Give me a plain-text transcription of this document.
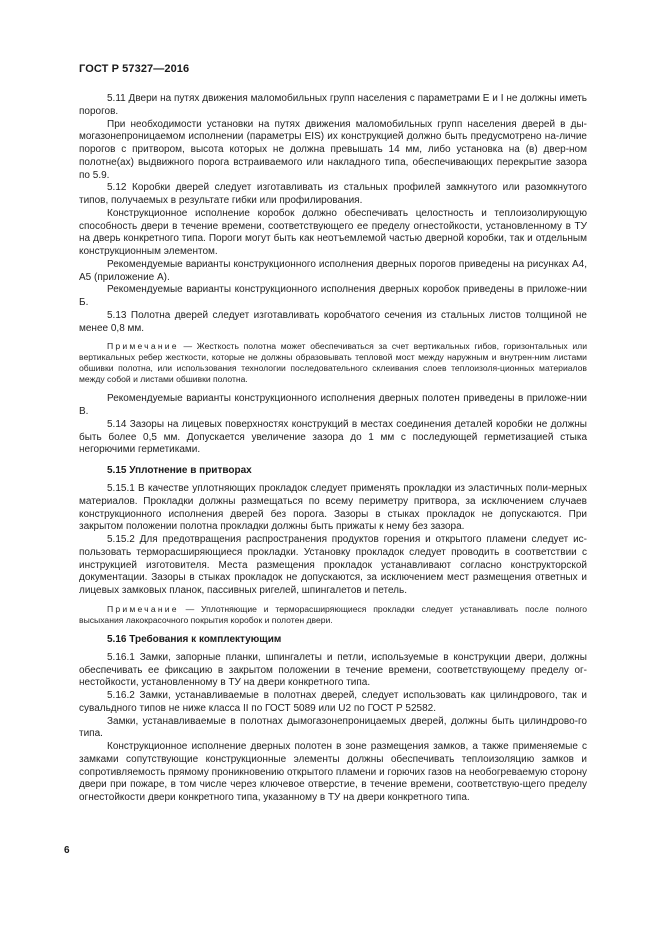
ГОСТ Р 57327—2016

5.11 Двери на путях движения маломобильных групп населения с параметрами Е и I не должны иметь порогов.

При необходимости установки на путях движения маломобильных групп населения дверей в ды-могазонепроницаемом исполнении (параметры EIS) их конструкцией должно быть предусмотрено на-личие порогов с притвором, высота которых не должна превышать 14 мм, либо установка на (в) двер-ном полотне(ах) выдвижного порога встраиваемого или накладного типа, обеспечивающих перекрытие зазора по 5.9.

5.12 Коробки дверей следует изготавливать из стальных профилей замкнутого или разомкнутого типов, получаемых в результате гибки или профилирования.

Конструкционное исполнение коробок должно обеспечивать целостность и теплоизолирующую способность двери в течение времени, соответствующего ее пределу огнестойкости, установленному в ТУ на дверь конкретного типа. Пороги могут быть как неотъемлемой частью дверной коробки, так и отдельным конструкционным элементом.

Рекомендуемые варианты конструкционного исполнения дверных порогов приведены на рисунках А4, А5 (приложение А).

Рекомендуемые варианты конструкционного исполнения дверных коробок приведены в приложе-нии Б.

5.13 Полотна дверей следует изготавливать коробчатого сечения из стальных листов толщиной не менее 0,8 мм.

Примечание — Жесткость полотна может обеспечиваться за счет вертикальных гибов, горизонтальных или вертикальных ребер жесткости, которые не должны образовывать тепловой мост между наружным и внутрен-ним листами обшивки полотна, или использования технологии последовательного склеивания слоев теплоизоля-ционных материалов между собой и листами обшивки полотна.

Рекомендуемые варианты конструкционного исполнения дверных полотен приведены в приложе-нии В.

5.14 Зазоры на лицевых поверхностях конструкций в местах соединения деталей коробки не должны быть более 0,5 мм. Допускается увеличение зазора до 1 мм с последующей герметизацией стыка негорючими герметиками.

5.15 Уплотнение в притворах

5.15.1 В качестве уплотняющих прокладок следует применять прокладки из эластичных поли-мерных материалов. Прокладки должны размещаться по всему периметру притвора, за исключением случаев конструкционного исполнения дверей без порога. Зазоры в стыках прокладок не допускаются. При закрытом положении полотна прокладки должны быть прижаты к нему без зазора.

5.15.2 Для предотвращения распространения продуктов горения и открытого пламени следует ис-пользовать терморасширяющиеся прокладки. Установку прокладок следует проводить в соответствии с инструкцией изготовителя. Места размещения прокладок устанавливают согласно конструкторской документации. Зазоры в стыках прокладок не допускаются, за исключением мест размещения ответных и лицевых замковых планок, пассивных ригелей, шпингалетов и петель.

Примечание — Уплотняющие и терморасширяющиеся прокладки следует устанавливать после полного высыхания лакокрасочного покрытия коробок и полотен двери.

5.16 Требования к комплектующим

5.16.1 Замки, запорные планки, шпингалеты и петли, используемые в конструкции двери, должны обеспечивать ее фиксацию в закрытом положении в течение времени, соответствующему пределу ог-нестойкости, установленному в ТУ на двери конкретного типа.

5.16.2 Замки, устанавливаемые в полотнах дверей, следует использовать как цилиндрового, так и сувальдного типов не ниже класса II по ГОСТ 5089 или U2 по ГОСТ Р 52582.

Замки, устанавливаемые в полотнах дымогазонепроницаемых дверей, должны быть цилиндрово-го типа.

Конструкционное исполнение дверных полотен в зоне размещения замков, а также применяемые с замками сопутствующие конструкционные элементы должны обеспечивать теплоизоляцию замков и сопротивляемость прямому проникновению открытого пламени и горючих газов на необогреваемую сторону двери при пожаре, в том числе через ключевое отверстие, в течение времени, соответствую-щего пределу огнестойкости двери конкретного типа, указанному в ТУ на двери конкретного типа.

6
